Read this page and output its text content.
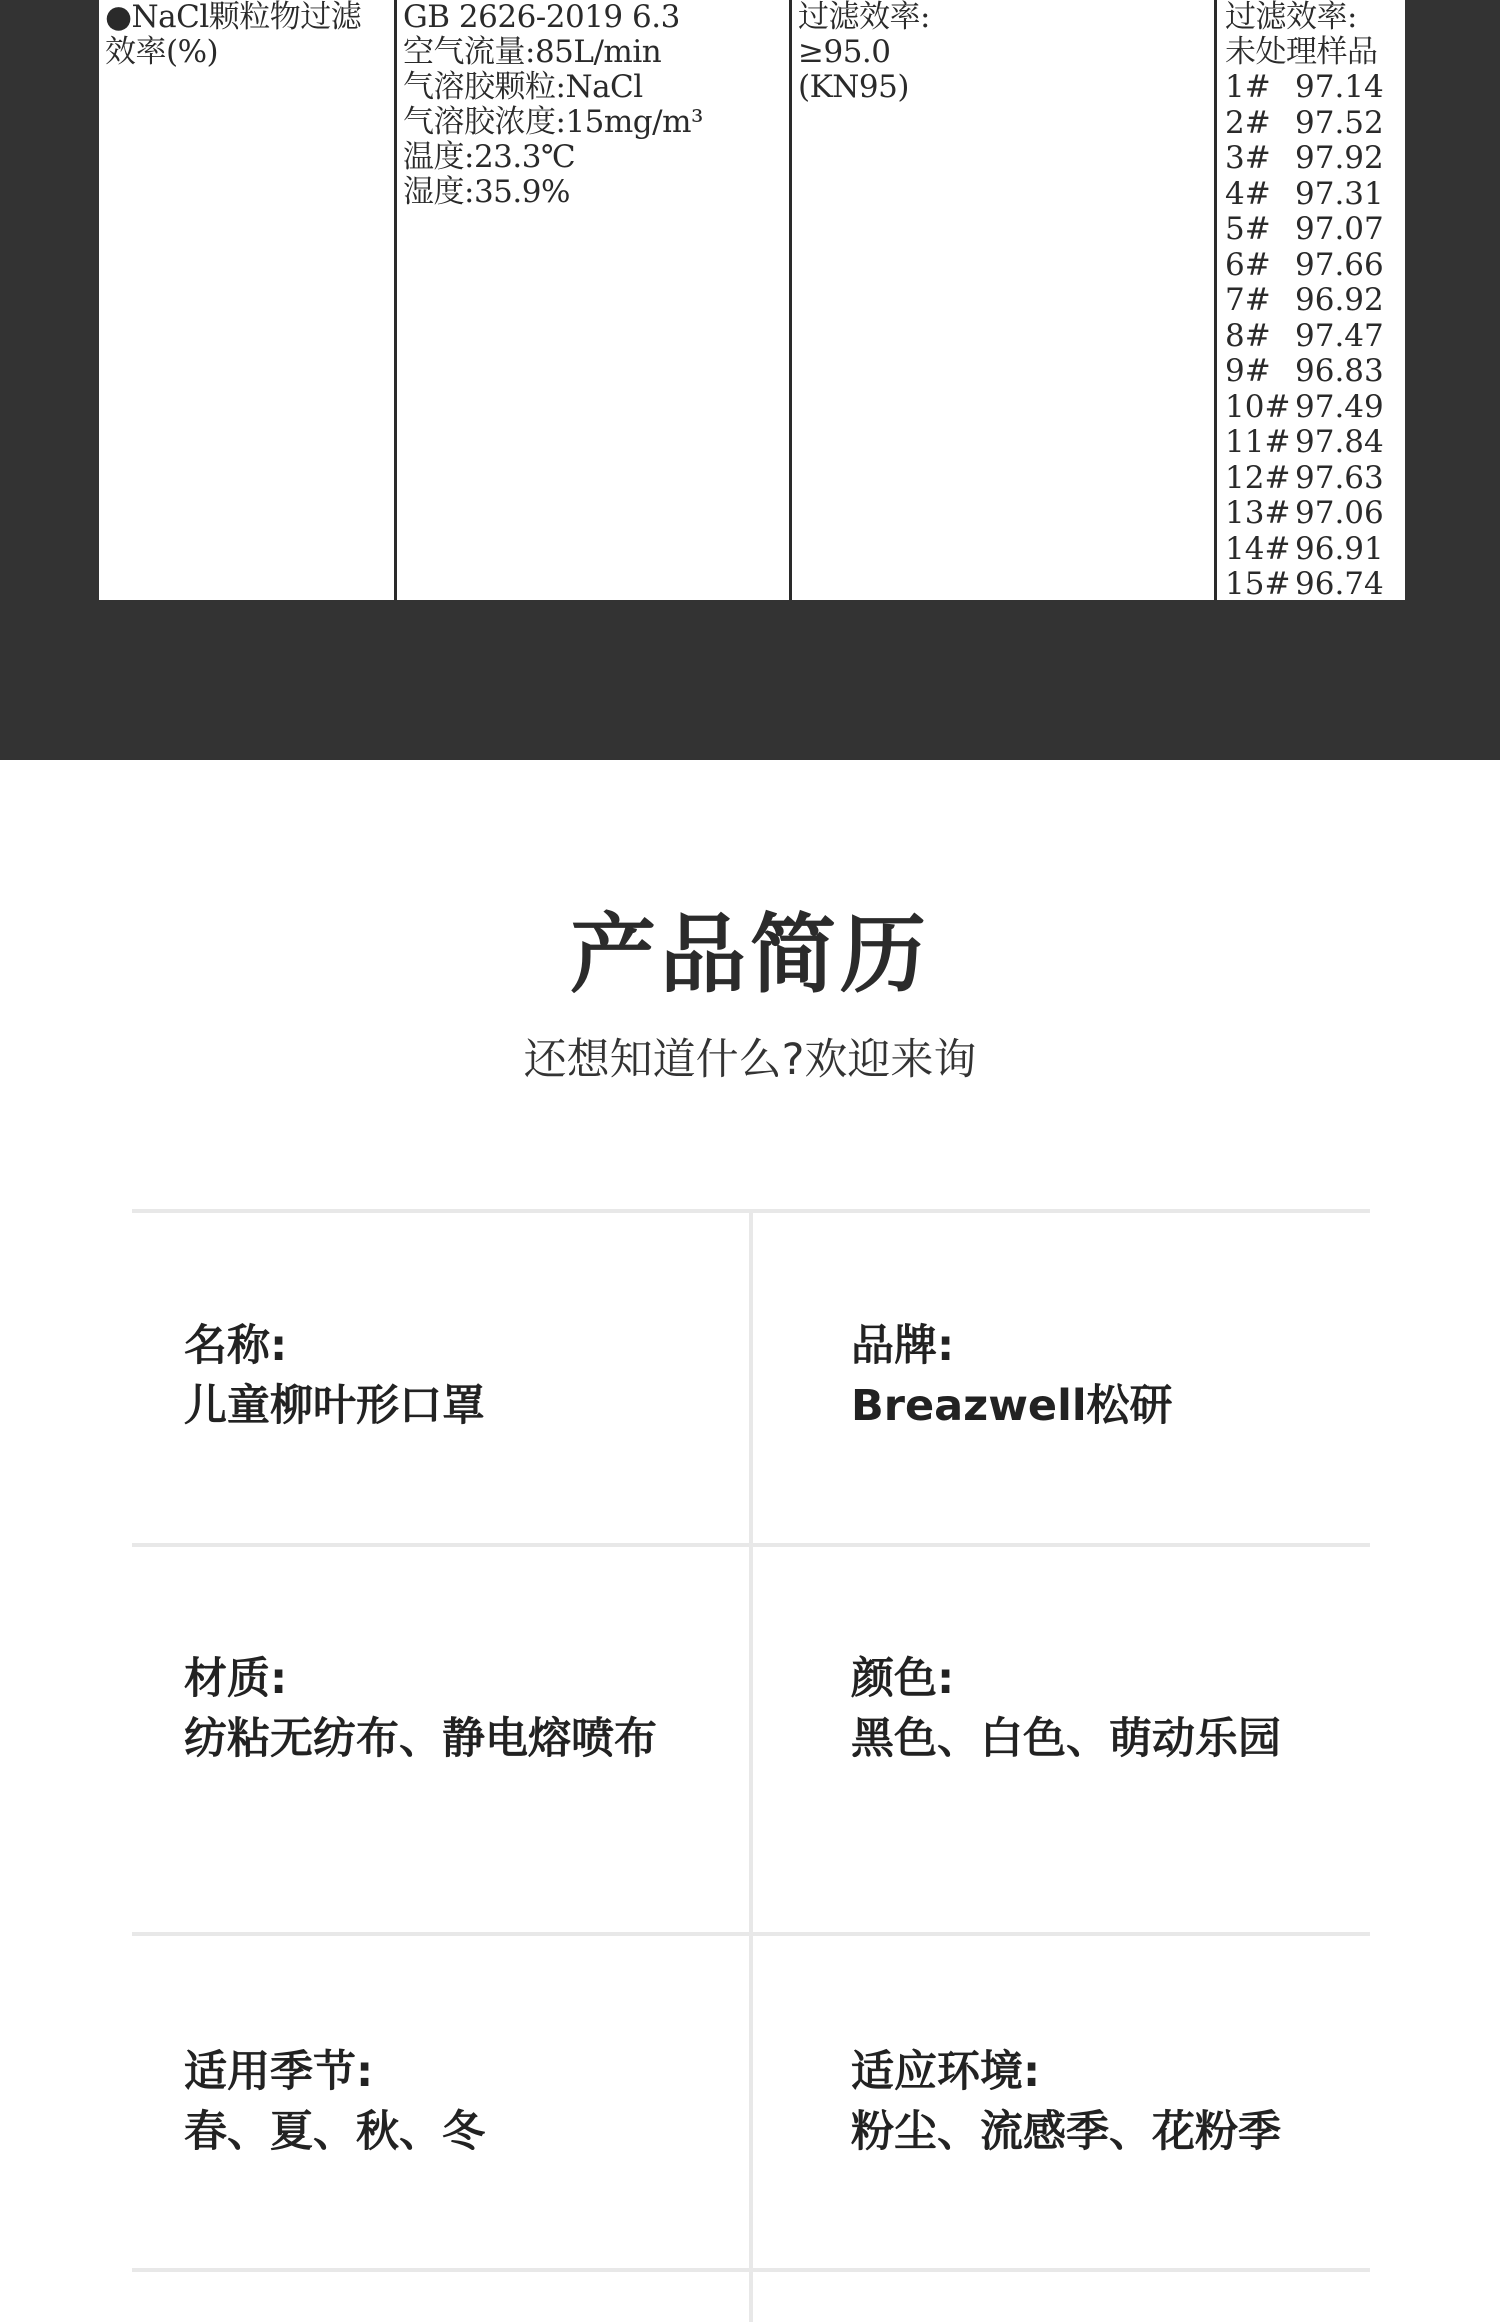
●NaCl颗粒物过滤
效率(%)
GB 2626-2019 6.3
空气流量:85L/min
气溶胶颗粒:NaCl
气溶胶浓度:15mg/m³
温度:23.3℃
湿度:35.9%
过滤效率:
≥95.0
(KN95)
过滤效率:
未处理样品
1# 97.14
2# 97.52
3# 97.92
4# 97.31
5# 97.07
6# 97.66
7# 96.92
8# 97.47
9# 96.83
10# 97.49
11# 97.84
12# 97.63
13# 97.06
14# 96.91
15# 96.74
产品简历
还想知道什么?欢迎来询
名称:
儿童柳叶形口罩
品牌:
Breazwell松研
材质:
纺粘无纺布、静电熔喷布
颜色:
黑色、白色、萌动乐园
适用季节:
春、夏、秋、冬
适应环境:
粉尘、流感季、花粉季
